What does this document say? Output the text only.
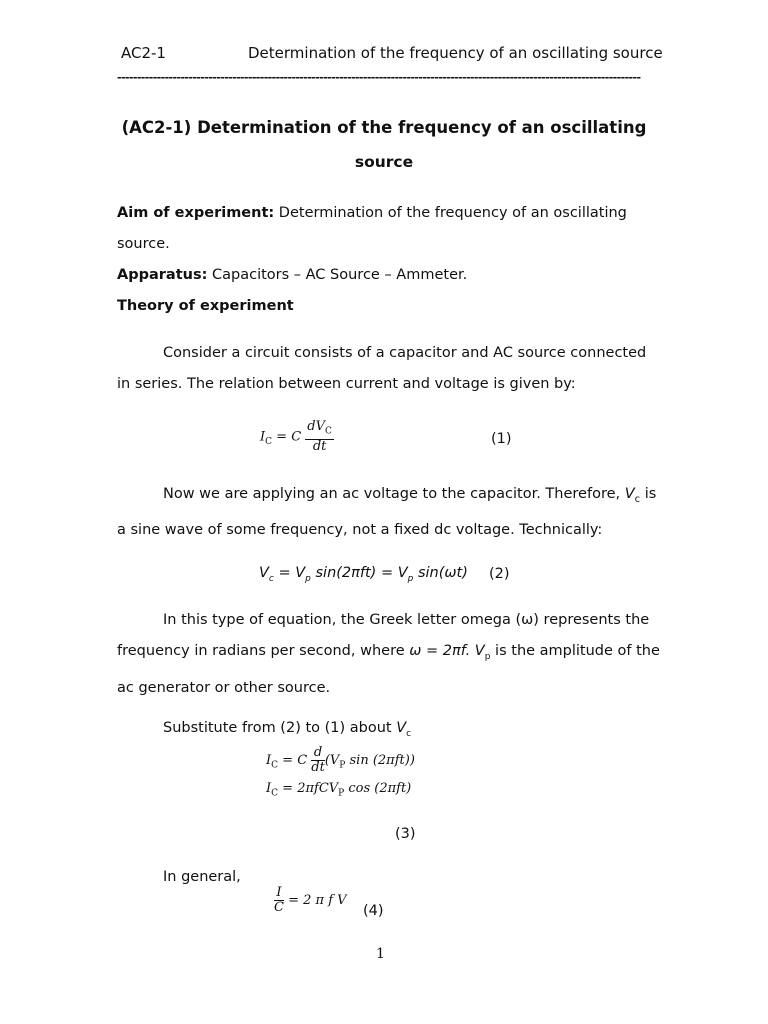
AC2-1	Determination of the frequency of an oscillating source
------------------------------------------------------------------------------------------------------------------------------------
(AC2-1) Determination of the frequency of an oscillating
source
Aim of experiment: Determination of the frequency of an oscillating
source.
Apparatus: Capacitors – AC Source – Ammeter.
Theory of experiment
Consider a circuit consists of a capacitor and AC source connected
in series. The relation between current and voltage is given by:
$I_C = C \frac{dV_C}{dt}$	(1)
Now we are applying an ac voltage to the capacitor. Therefore, $V_c$ is
a sine wave of some frequency, not a fixed dc voltage. Technically:
$V_c = V_p$ $\sin(2\pi ft) = V_p$ sin(ωt)	(2)
In this type of equation, the Greek letter omega (ω) represents the
frequency in radians per second, where ω = 2πf. $V_p$ is the amplitude of the
ac generator or other source.
Substitute from (2) to (1) about $V_c$
$I_C = C \frac{d}{dt} (V_P$ sin (2πft))
$I_C = 2\pi fCV_P$ cos (2πft)
(3)
In general,
$\frac{I}{C} = 2$ π f V
(4)
1
